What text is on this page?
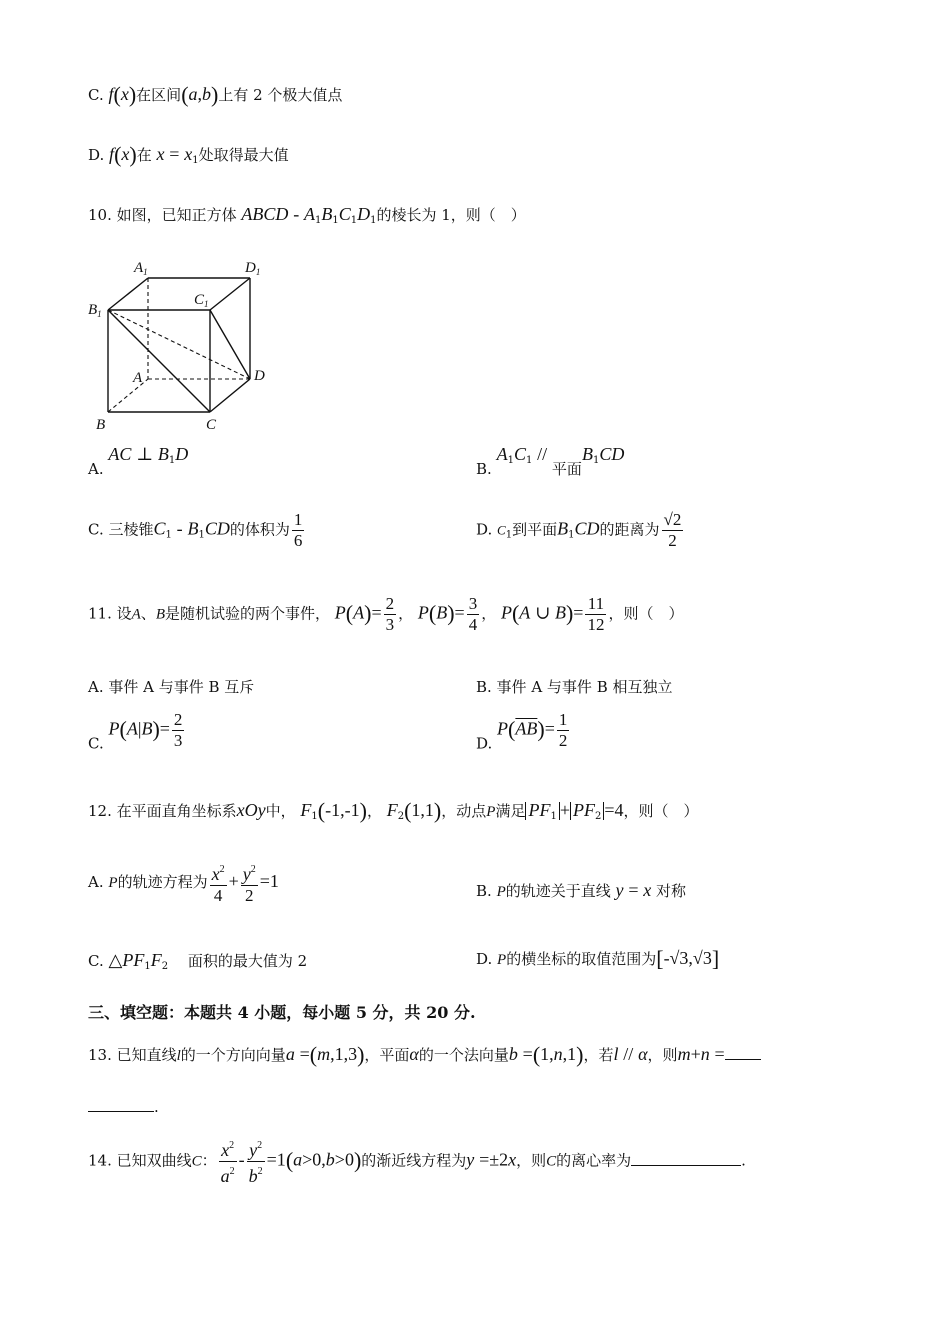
C. f(x)在区间(a,b)上有 2 个极大值点
D. f(x)在 $x = x_1$处取得最大值
10. 如图，已知正方体 ABCD - $A_1B_1C_1D_1$的棱长为 1，则（　）
$A_1$	$D_1$
$C_1$
$B_1$
A	D
B	C
A. AC ⊥ $B_1D$
B. $A_1C_1$ // 平面$B_1CD$
C. 三棱锥$C_1 - B_1CD$的体积为 $\frac{1}{6}$	D. $C_1$到平面$B_1CD$的距离为 $\frac{√2}{2}$
11. 设A、B是随机试验的两个事件， $P(A)= \frac{2}{3}$ ， $P(B)= \frac{3}{4}$ ， P(A ∪ $B)= \frac{11}{12}$ ，则（　）
A. 事件 A 与事件 B 互斥	B. 事件 A 与事件 B 相互独立
C. $P(A|B)= \frac{2}{3}$	D. $P(\overline{AB})= \frac{1}{2}$
12. 在平面直角坐标系xOy中， $F_1(-1,-1)$， $F_2(1,1)$，动点P满足 $PF_1 + PF_2 =4$，则（　）
A. P的轨迹方程为 $\frac{x^2}{4} + \frac{y^2}{2} =1$	B. P的轨迹关于直线 y = x 对称
C. $\triangle PF_1F_2$　 面积的最大值为 2	D. P的横坐标的取值范围为[-√3,√3]
三、填空题：本题共 4 小题，每小题 5 分，共 20 分.
13. 已知直线l的一个方向向量a =(m,1,3)，平面α的一个法向量b =(1,n,1)，若l // α，则m+n =
.
14. 已知双曲线C： $\frac{x^2}{a^2} - \frac{y^2}{b^2} =1(a>0,b>0)$的渐近线方程为y =±2x，则C的离心率为	.
